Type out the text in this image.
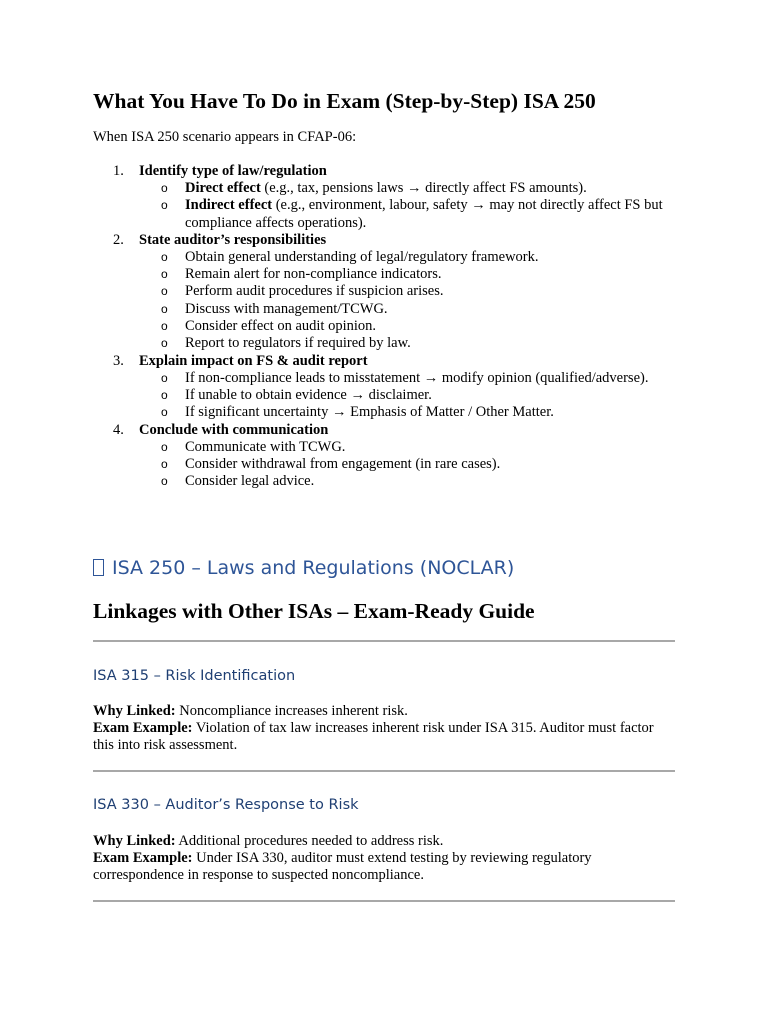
What You Have To Do in Exam (Step-by-Step) ISA 250

When ISA 250 scenario appears in CFAP-06:

1. Identify type of law/regulation
o Direct effect (e.g., tax, pensions laws → directly affect FS amounts).
o Indirect effect (e.g., environment, labour, safety → may not directly affect FS but compliance affects operations).
2. State auditor’s responsibilities
o Obtain general understanding of legal/regulatory framework.
o Remain alert for non-compliance indicators.
o Perform audit procedures if suspicion arises.
o Discuss with management/TCWG.
o Consider effect on audit opinion.
o Report to regulators if required by law.
3. Explain impact on FS & audit report
o If non-compliance leads to misstatement → modify opinion (qualified/adverse).
o If unable to obtain evidence → disclaimer.
o If significant uncertainty → Emphasis of Matter / Other Matter.
4. Conclude with communication
o Communicate with TCWG.
o Consider withdrawal from engagement (in rare cases).
o Consider legal advice.
ISA 250 – Laws and Regulations (NOCLAR)
Linkages with Other ISAs – Exam-Ready Guide
ISA 315 – Risk Identification
Why Linked: Noncompliance increases inherent risk.
Exam Example: Violation of tax law increases inherent risk under ISA 315. Auditor must factor this into risk assessment.
ISA 330 – Auditor’s Response to Risk
Why Linked: Additional procedures needed to address risk.
Exam Example: Under ISA 330, auditor must extend testing by reviewing regulatory correspondence in response to suspected noncompliance.
